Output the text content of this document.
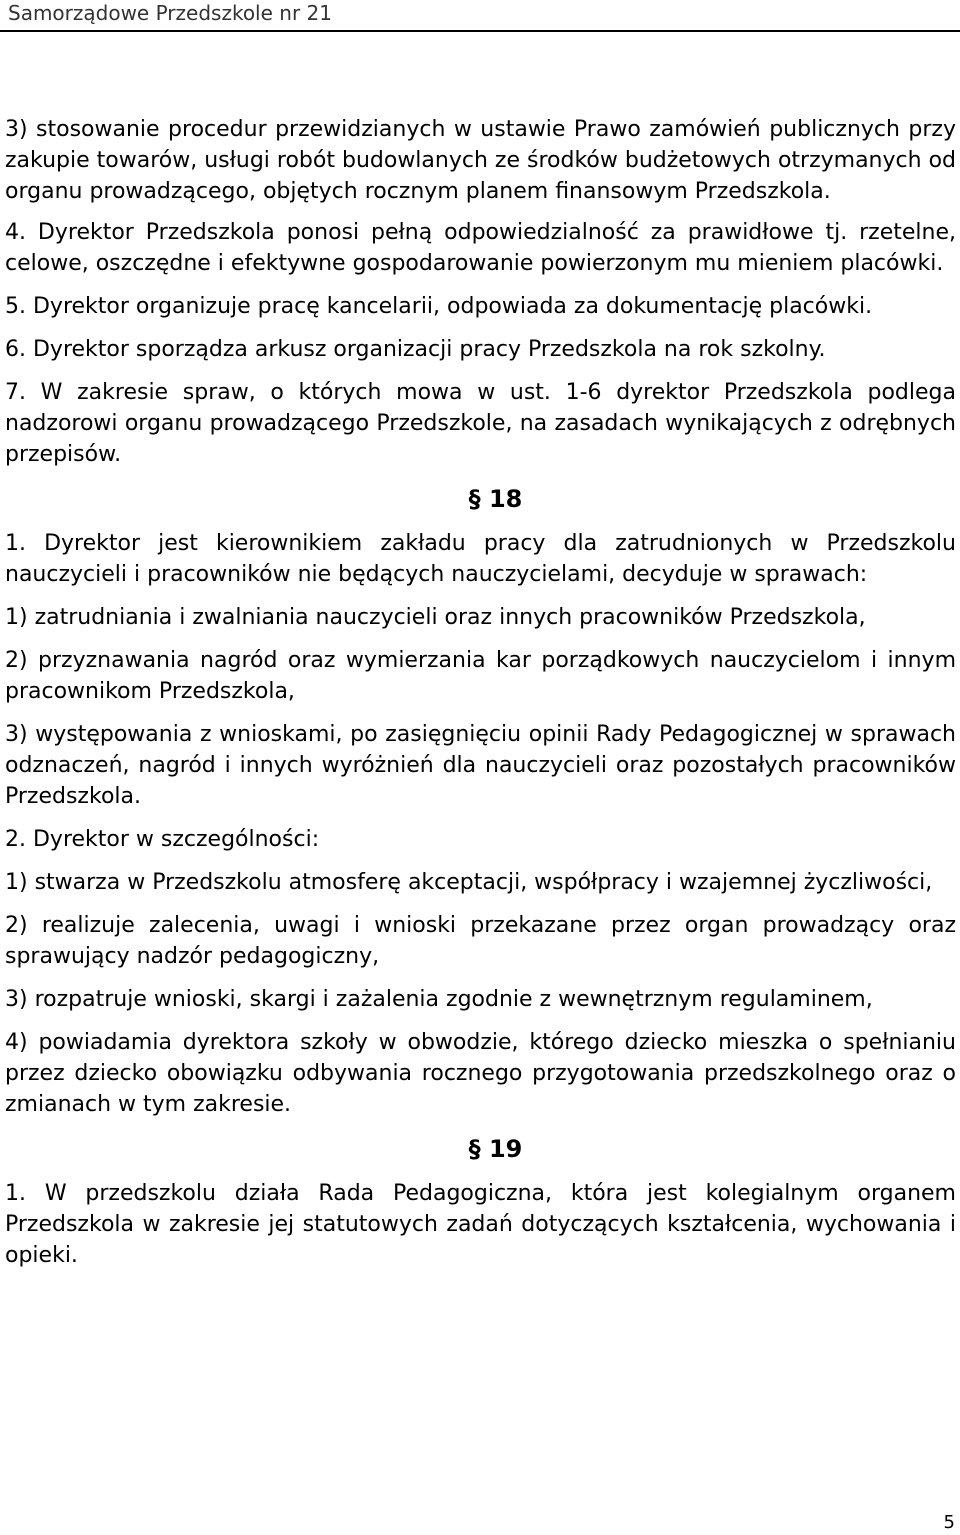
Samorządowe Przedszkole nr 21

3) stosowanie procedur przewidzianych w ustawie Prawo zamówień publicznych przy zakupie towarów, usługi robót budowlanych ze środków budżetowych otrzymanych od organu prowadzącego, objętych rocznym planem finansowym Przedszkola.

4. Dyrektor Przedszkola ponosi pełną odpowiedzialność za prawidłowe tj. rzetelne, celowe, oszczędne i efektywne gospodarowanie powierzonym mu mieniem placówki.

5. Dyrektor organizuje pracę kancelarii, odpowiada za dokumentację placówki.

6. Dyrektor sporządza arkusz organizacji pracy Przedszkola na rok szkolny.

7. W zakresie spraw, o których mowa w ust. 1-6 dyrektor Przedszkola podlega nadzorowi organu prowadzącego Przedszkole, na zasadach wynikających z odrębnych przepisów.

§ 18

1. Dyrektor jest kierownikiem zakładu pracy dla zatrudnionych w Przedszkolu nauczycieli i pracowników nie będących nauczycielami, decyduje w sprawach:

1) zatrudniania i zwalniania nauczycieli oraz innych pracowników Przedszkola,

2) przyznawania nagród oraz wymierzania kar porządkowych nauczycielom i innym pracownikom Przedszkola,

3) występowania z wnioskami, po zasięgnięciu opinii Rady Pedagogicznej w sprawach odznaczeń, nagród i innych wyróżnień dla nauczycieli oraz pozostałych pracowników Przedszkola.

2. Dyrektor w szczególności:

1) stwarza w Przedszkolu atmosferę akceptacji, współpracy i wzajemnej życzliwości,

2) realizuje zalecenia, uwagi i wnioski przekazane przez organ prowadzący oraz sprawujący nadzór pedagogiczny,

3) rozpatruje wnioski, skargi i zażalenia zgodnie z wewnętrznym regulaminem,

4) powiadamia dyrektora szkoły w obwodzie, którego dziecko mieszka o spełnianiu przez dziecko obowiązku odbywania rocznego przygotowania przedszkolnego oraz o zmianach w tym zakresie.

§ 19

1. W przedszkolu działa Rada Pedagogiczna, która jest kolegialnym organem Przedszkola w zakresie jej statutowych zadań dotyczących kształcenia, wychowania i opieki.

5
